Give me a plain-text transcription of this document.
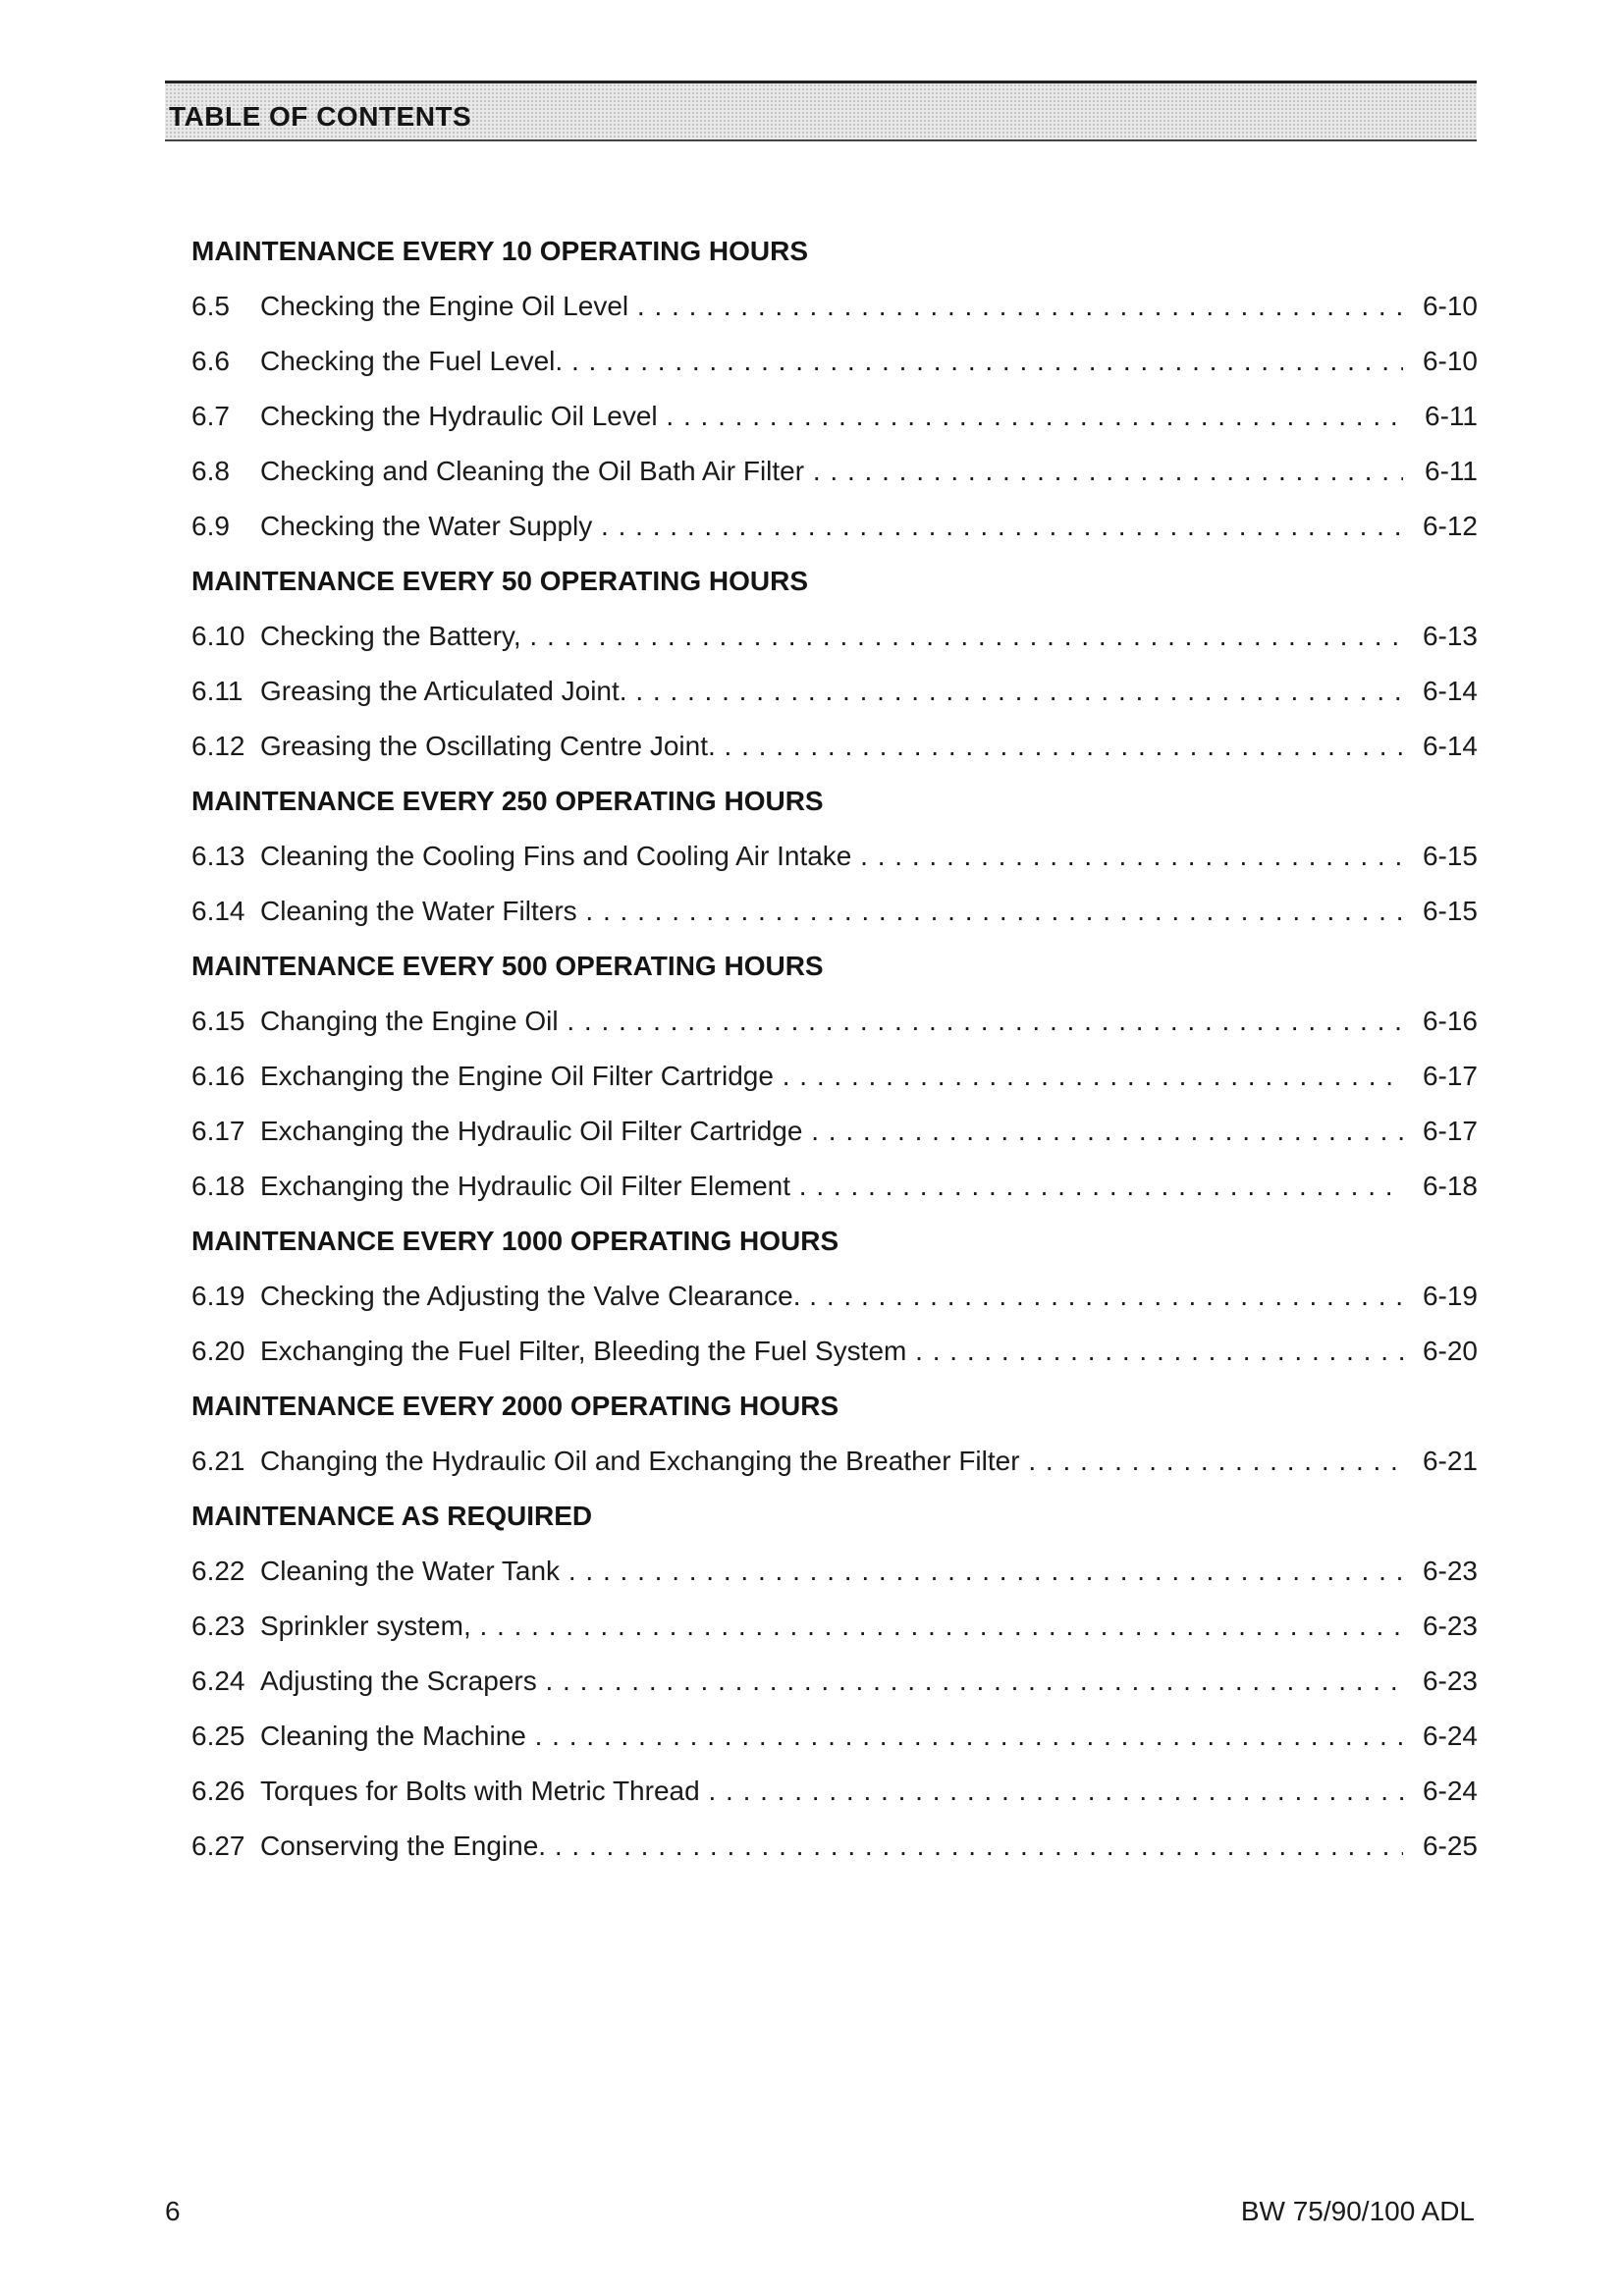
TABLE OF CONTENTS
MAINTENANCE EVERY 10 OPERATING HOURS
6.5	Checking the Engine Oil Level . . .	6-10
6.6	Checking the Fuel Level. . . .	6-10
6.7	Checking the Hydraulic Oil Level . . .	6-11
6.8	Checking and Cleaning the Oil Bath Air Filter . . .	6-11
6.9	Checking the Water Supply . . .	6-12
MAINTENANCE EVERY 50 OPERATING HOURS
6.10 Checking the Battery, . . .	6-13
6.11 Greasing the Articulated Joint. . . .	6-14
6.12 Greasing the Oscillating Centre Joint. . . .	6-14
MAINTENANCE EVERY 250 OPERATING HOURS
6.13 Cleaning the Cooling Fins and Cooling Air Intake . . .	6-15
6.14 Cleaning the Water Filters . . .	6-15
MAINTENANCE EVERY 500 OPERATING HOURS
6.15 Changing the Engine Oil . . .	6-16
6.16 Exchanging the Engine Oil Filter Cartridge . . .	6-17
6.17 Exchanging the Hydraulic Oil Filter Cartridge . . .	6-17
6.18 Exchanging the Hydraulic Oil Filter Element . . .	6-18
MAINTENANCE EVERY 1000 OPERATING HOURS
6.19 Checking the Adjusting the Valve Clearance. . . .	6-19
6.20 Exchanging the Fuel Filter, Bleeding the Fuel System . . .	6-20
MAINTENANCE EVERY 2000 OPERATING HOURS
6.21 Changing the Hydraulic Oil and Exchanging the Breather Filter . . .	6-21
MAINTENANCE AS REQUIRED
6.22 Cleaning the Water Tank . . .	6-23
6.23 Sprinkler system, . . .	6-23
6.24 Adjusting the Scrapers . . .	6-23
6.25 Cleaning the Machine . . .	6-24
6.26 Torques for Bolts with Metric Thread . . .	6-24
6.27 Conserving the Engine. . . .	6-25
6	BW 75/90/100 ADL
